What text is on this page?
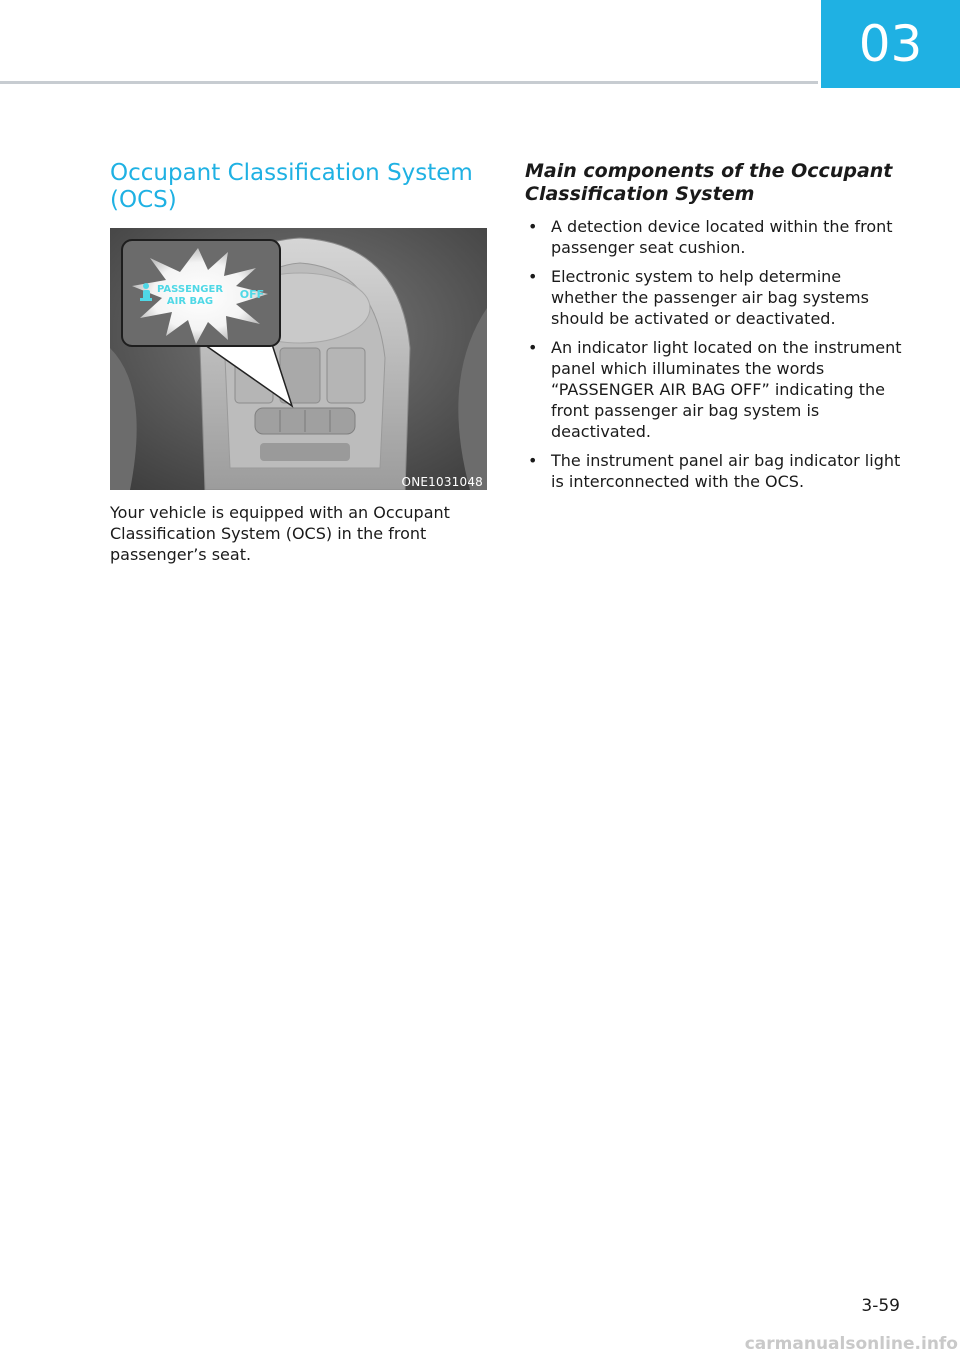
03
Occupant Classification System (OCS)
PASSENGER
AIR BAG
OFF
ONE1031048

Your vehicle is equipped with an Occupant Classification System (OCS) in the front passenger’s seat.

Main components of the Occupant Classification System
• A detection device located within the front passenger seat cushion.
• Electronic system to help determine whether the passenger air bag systems should be activated or deactivated.
• An indicator light located on the instrument panel which illuminates the words “PASSENGER AIR BAG OFF” indicating the front passenger air bag system is deactivated.
• The instrument panel air bag indicator light is interconnected with the OCS.
3-59
carmanualsonline.info
